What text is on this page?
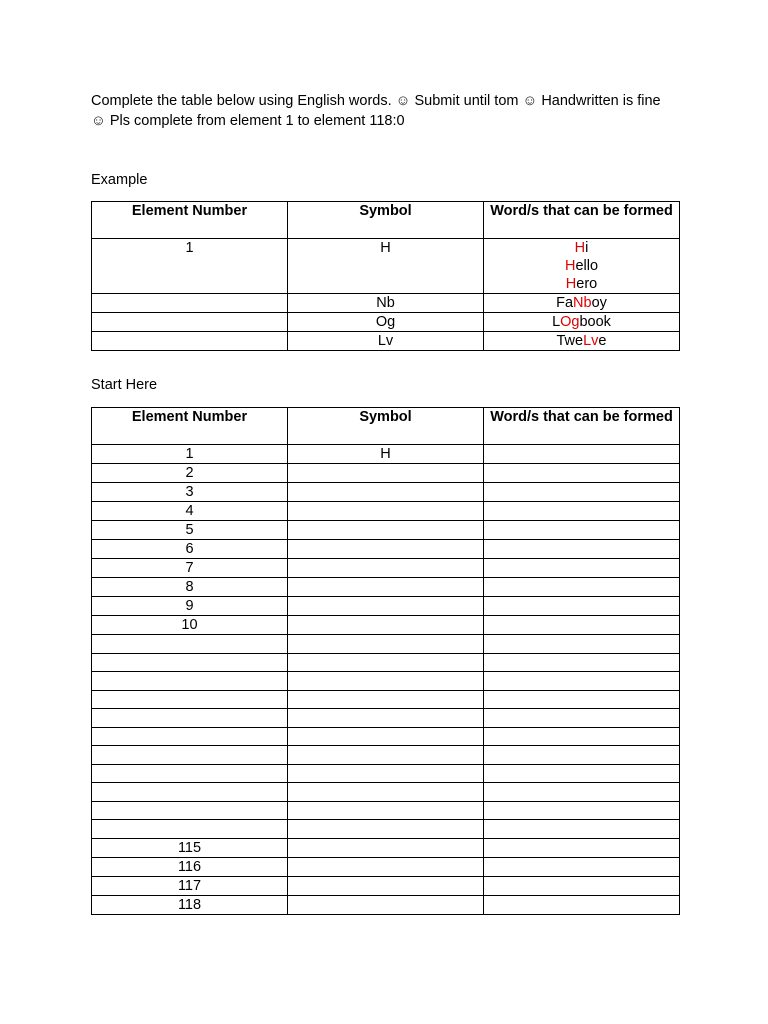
Complete the table below using English words. ☺ Submit until tom ☺ Handwritten is fine
☺ Pls complete from element 1 to element 118:0

Example

Element Number	Symbol	Word/s that can be formed
1	H	Hi
Hello
Hero

	Nb	FaNboy

	Og	LOgbook

	Lv	TweLve

Start Here

Element Number	Symbol	Word/s that can be formed
1	H	
2		
3		
4		
5		
6		
7		
8		
9		
10		

115		
116		
117		
118		
